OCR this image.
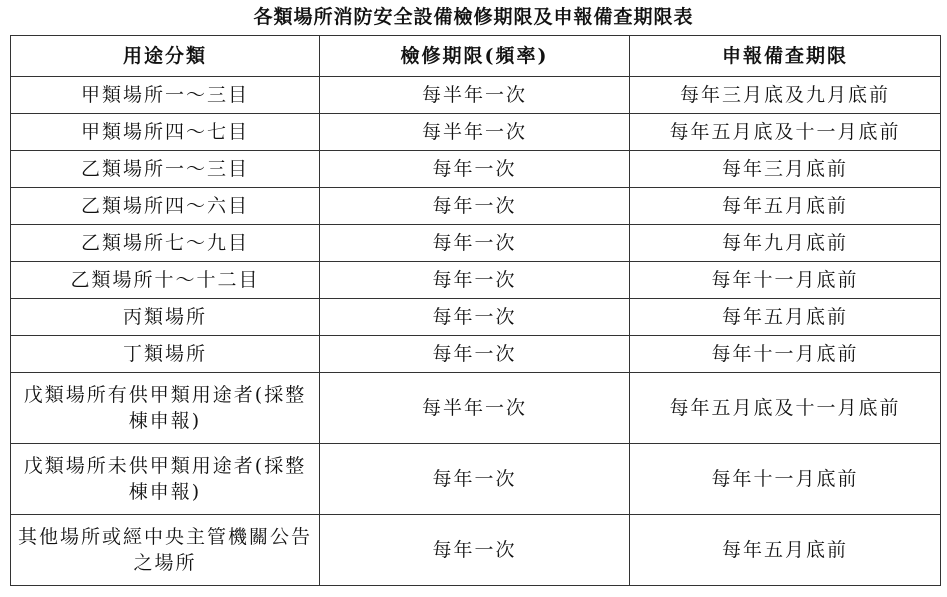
各類場所消防安全設備檢修期限及申報備查期限表
用途分類	檢修期限(頻率)	申報備查期限
甲類場所一～三目	每半年一次	每年三月底及九月底前
甲類場所四～七目	每半年一次	每年五月底及十一月底前
乙類場所一～三目	每年一次	每年三月底前
乙類場所四～六目	每年一次	每年五月底前
乙類場所七～九目	每年一次	每年九月底前
乙類場所十～十二目	每年一次	每年十一月底前
丙類場所	每年一次	每年五月底前
丁類場所	每年一次	每年十一月底前
戊類場所有供甲類用途者(採整棟申報)	每半年一次	每年五月底及十一月底前
戊類場所未供甲類用途者(採整棟申報)	每年一次	每年十一月底前
其他場所或經中央主管機關公告之場所	每年一次	每年五月底前
